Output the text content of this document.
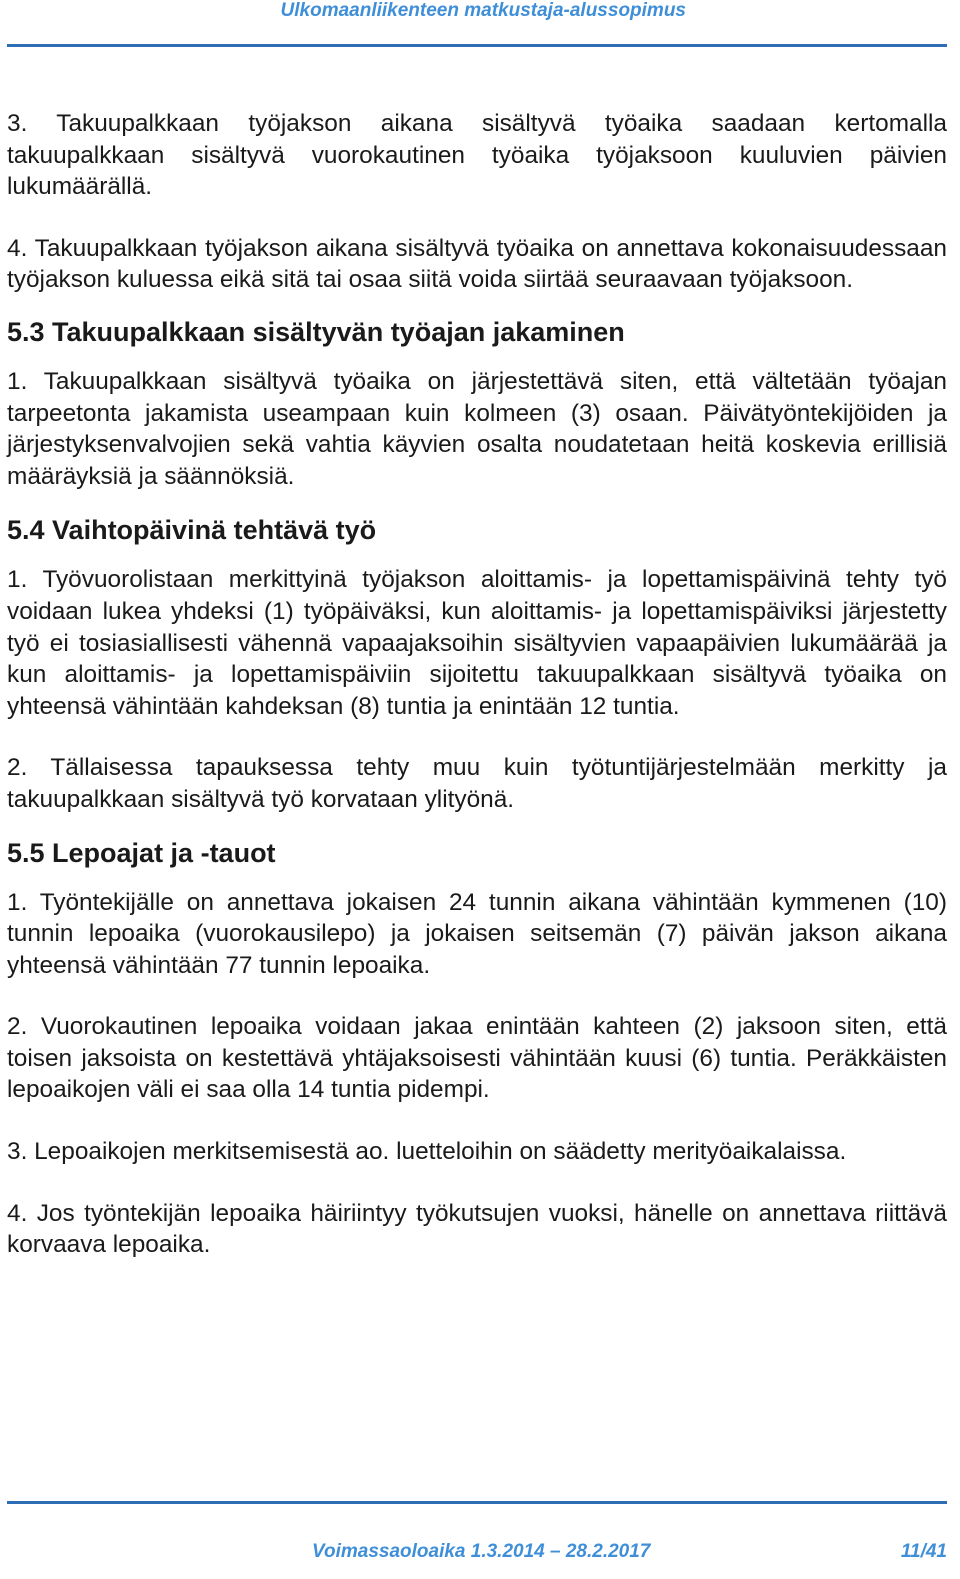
Ulkomaanliikenteen matkustaja-alussopimus

3. Takuupalkkaan työjakson aikana sisältyvä työaika saadaan kertomalla takuupalkkaan sisältyvä vuorokautinen työaika työjaksoon kuuluvien päivien lukumäärällä.

4. Takuupalkkaan työjakson aikana sisältyvä työaika on annettava kokonaisuudessaan työjakson kuluessa eikä sitä tai osaa siitä voida siirtää seuraavaan työjaksoon.

5.3 Takuupalkkaan sisältyvän työajan jakaminen

1. Takuupalkkaan sisältyvä työaika on järjestettävä siten, että vältetään työajan tarpeetonta jakamista useampaan kuin kolmeen (3) osaan. Päivätyöntekijöiden ja järjestyksenvalvojien sekä vahtia käyvien osalta noudatetaan heitä koskevia erillisiä määräyksiä ja säännöksiä.

5.4 Vaihtopäivinä tehtävä työ

1. Työvuorolistaan merkittyinä työjakson aloittamis- ja lopettamispäivinä tehty työ voidaan lukea yhdeksi (1) työpäiväksi, kun aloittamis- ja lopettamispäiviksi järjestetty työ ei tosiasiallisesti vähennä vapaajaksoihin sisältyvien vapaapäivien lukumäärää ja kun aloittamis- ja lopettamispäiviin sijoitettu takuupalkkaan sisältyvä työaika on yhteensä vähintään kahdeksan (8) tuntia ja enintään 12 tuntia.

2. Tällaisessa tapauksessa tehty muu kuin työtuntijärjestelmään merkitty ja takuupalkkaan sisältyvä työ korvataan ylityönä.

5.5 Lepoajat ja -tauot

1. Työntekijälle on annettava jokaisen 24 tunnin aikana vähintään kymmenen (10) tunnin lepoaika (vuorokausilepo) ja jokaisen seitsemän (7) päivän jakson aikana yhteensä vähintään 77 tunnin lepoaika.

2. Vuorokautinen lepoaika voidaan jakaa enintään kahteen (2) jaksoon siten, että toisen jaksoista on kestettävä yhtäjaksoisesti vähintään kuusi (6) tuntia. Peräkkäisten lepoaikojen väli ei saa olla 14 tuntia pidempi.

3. Lepoaikojen merkitsemisestä ao. luetteloihin on säädetty merityöaikalaissa.

4. Jos työntekijän lepoaika häiriintyy työkutsujen vuoksi, hänelle on annettava riittävä korvaava lepoaika.

Voimassaoloaika 1.3.2014 – 28.2.2017	11/41
